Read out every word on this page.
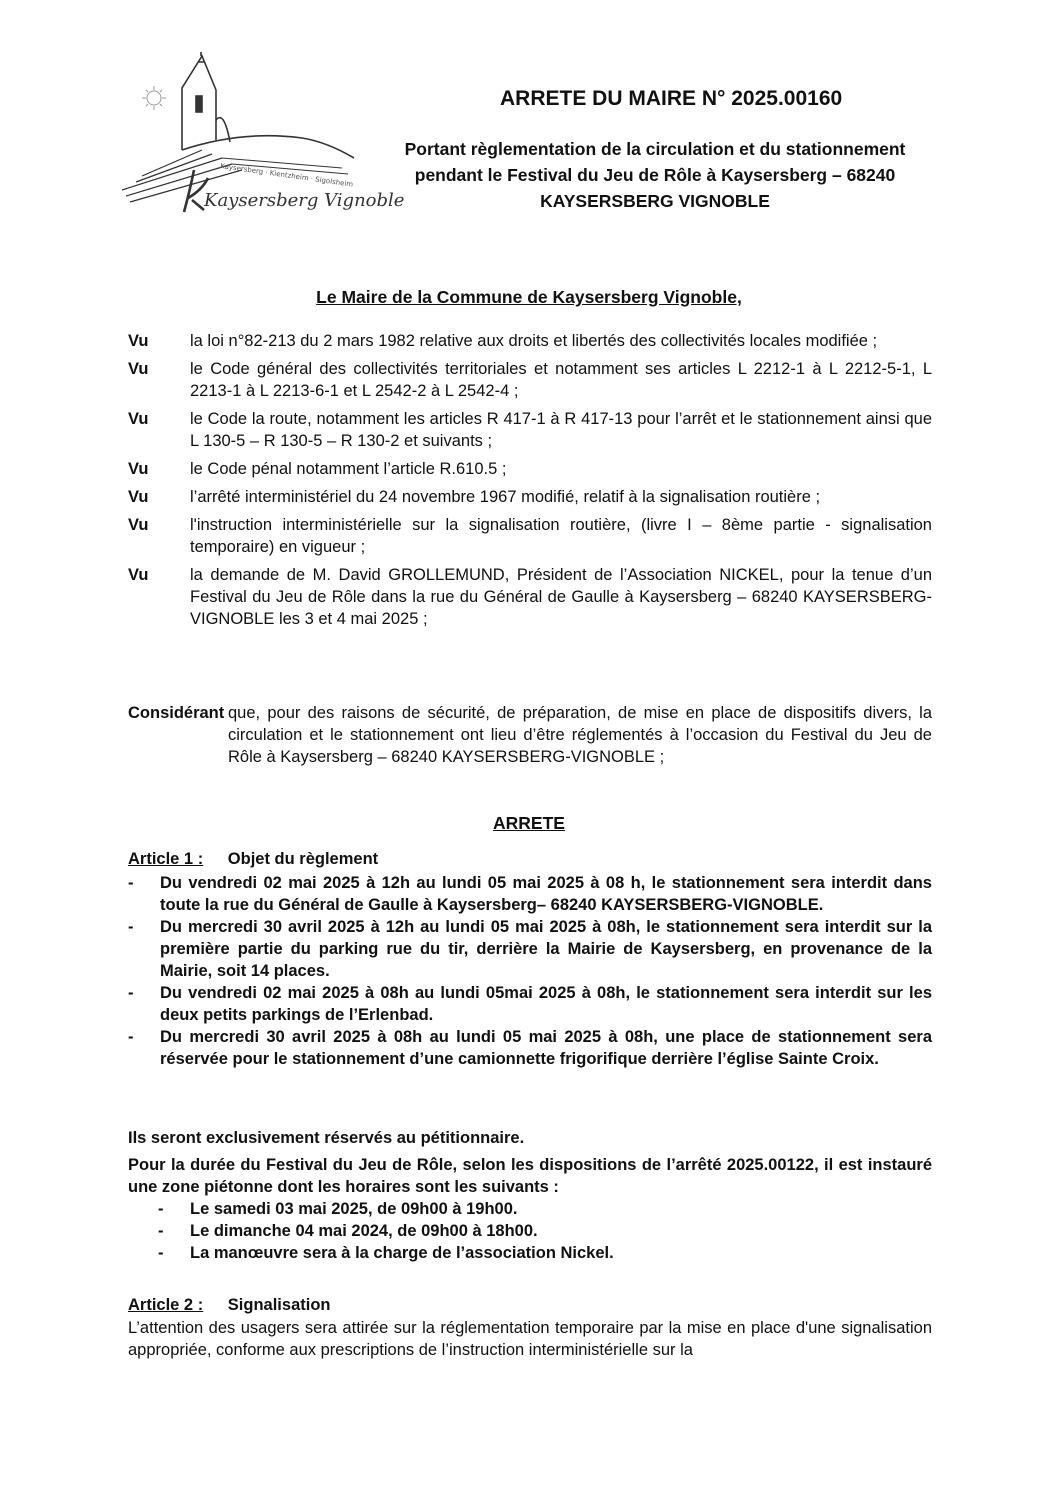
Kaysersberg · Kientzheim · Sigolsheim
Kaysersberg Vignoble
ARRETE DU MAIRE N° 2025.00160
Portant règlementation de la circulation et du stationnement
pendant le Festival du Jeu de Rôle à Kaysersberg – 68240
KAYSERSBERG VIGNOBLE
Le Maire de la Commune de Kaysersberg Vignoble,
Vu	la loi n°82-213 du 2 mars 1982 relative aux droits et libertés des collectivités locales modifiée ;
Vu	le Code général des collectivités territoriales et notamment ses articles L 2212-1 à L 2212-5-1, L 2213-1 à L 2213-6-1 et L 2542-2 à L 2542-4 ;
Vu	le Code la route, notamment les articles R 417-1 à R 417-13 pour l’arrêt et le stationnement ainsi que L 130-5 – R 130-5 – R 130-2 et suivants ;
Vu	le Code pénal notamment l’article R.610.5 ;
Vu	l’arrêté interministériel du 24 novembre 1967 modifié, relatif à la signalisation routière ;
Vu	l'instruction interministérielle sur la signalisation routière, (livre I – 8ème partie - signalisation temporaire) en vigueur ;
Vu	la demande de M. David GROLLEMUND, Président de l’Association NICKEL, pour la tenue d’un Festival du Jeu de Rôle dans la rue du Général de Gaulle à Kaysersberg – 68240 KAYSERSBERG-VIGNOBLE les 3 et 4 mai 2025 ;
Considérant que, pour des raisons de sécurité, de préparation, de mise en place de dispositifs divers, la circulation et le stationnement ont lieu d’être réglementés à l’occasion du Festival du Jeu de Rôle à Kaysersberg – 68240 KAYSERSBERG-VIGNOBLE ;
ARRETE
Article 1 : Objet du règlement
-	Du vendredi 02 mai 2025 à 12h au lundi 05 mai 2025 à 08 h, le stationnement sera interdit dans toute la rue du Général de Gaulle à Kaysersberg– 68240 KAYSERSBERG-VIGNOBLE.
-	Du mercredi 30 avril 2025 à 12h au lundi 05 mai 2025 à 08h, le stationnement sera interdit sur la première partie du parking rue du tir, derrière la Mairie de Kaysersberg, en provenance de la Mairie, soit 14 places.
-	Du vendredi 02 mai 2025 à 08h au lundi 05mai 2025 à 08h, le stationnement sera interdit sur les deux petits parkings de l’Erlenbad.
-	Du mercredi 30 avril 2025 à 08h au lundi 05 mai 2025 à 08h, une place de stationnement sera réservée pour le stationnement d’une camionnette frigorifique derrière l’église Sainte Croix.
Ils seront exclusivement réservés au pétitionnaire.
Pour la durée du Festival du Jeu de Rôle, selon les dispositions de l’arrêté 2025.00122, il est instauré une zone piétonne dont les horaires sont les suivants :
-	Le samedi 03 mai 2025, de 09h00 à 19h00.
-	Le dimanche 04 mai 2024, de 09h00 à 18h00.
-	La manœuvre sera à la charge de l’association Nickel.
Article 2 : Signalisation
L’attention des usagers sera attirée sur la réglementation temporaire par la mise en place d'une signalisation appropriée, conforme aux prescriptions de l’instruction interministérielle sur la
